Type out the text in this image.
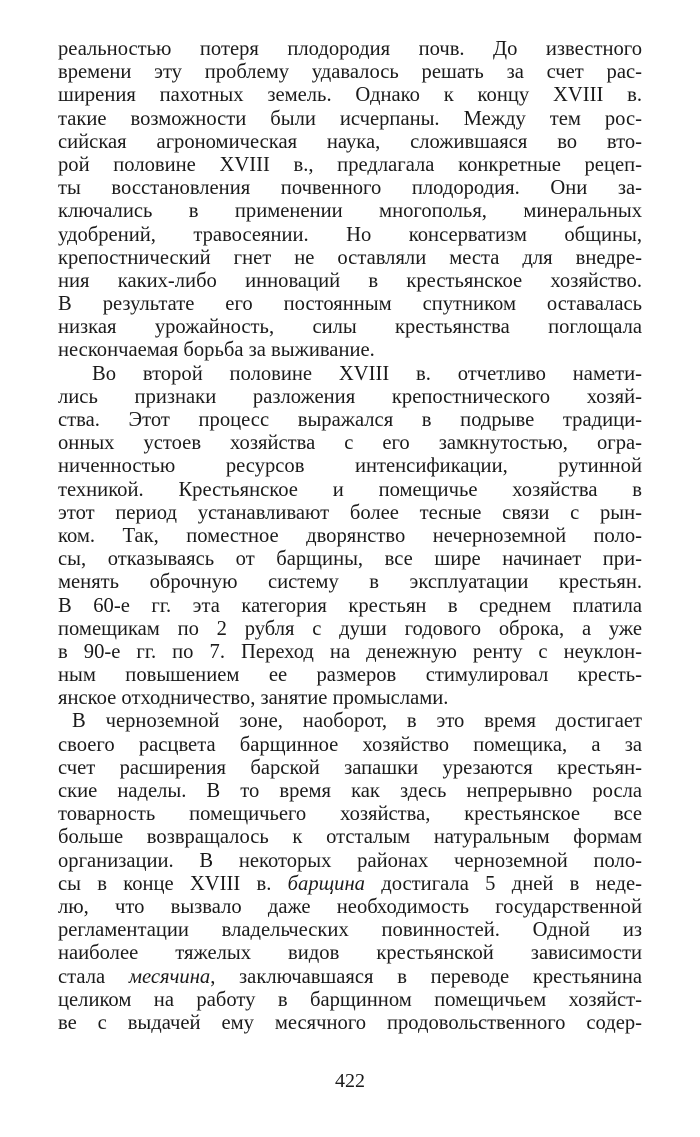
реальностью потеря плодородия почв. До известного
времени эту проблему удавалось решать за счет рас-
ширения пахотных земель. Однако к концу XVIII в.
такие возможности были исчерпаны. Между тем рос-
сийская агрономическая наука, сложившаяся во вто-
рой половине XVIII в., предлагала конкретные рецеп-
ты восстановления почвенного плодородия. Они за-
ключались в применении многополья, минеральных
удобрений, травосеянии. Но консерватизм общины,
крепостнический гнет не оставляли места для внедре-
ния каких-либо инноваций в крестьянское хозяйство.
В результате его постоянным спутником оставалась
низкая урожайность, силы крестьянства поглощала
нескончаемая борьба за выживание.
Во второй половине XVIII в. отчетливо намети-
лись признаки разложения крепостнического хозяй-
ства. Этот процесс выражался в подрыве традици-
онных устоев хозяйства с его замкнутостью, огра-
ниченностью ресурсов интенсификации, рутинной
техникой. Крестьянское и помещичье хозяйства в
этот период устанавливают более тесные связи с рын-
ком. Так, поместное дворянство нечерноземной поло-
сы, отказываясь от барщины, все шире начинает при-
менять оброчную систему в эксплуатации крестьян.
В 60-е гг. эта категория крестьян в среднем платила
помещикам по 2 рубля с души годового оброка, а уже
в 90-е гг. по 7. Переход на денежную ренту с неуклон-
ным повышением ее размеров стимулировал кресть-
янское отходничество, занятие промыслами.
В черноземной зоне, наоборот, в это время достигает
своего расцвета барщинное хозяйство помещика, а за
счет расширения барской запашки урезаются крестьян-
ские наделы. В то время как здесь непрерывно росла
товарность помещичьего хозяйства, крестьянское все
больше возвращалось к отсталым натуральным формам
организации. В некоторых районах черноземной поло-
сы в конце XVIII в. барщина достигала 5 дней в неде-
лю, что вызвало даже необходимость государственной
регламентации владельческих повинностей. Одной из
наиболее тяжелых видов крестьянской зависимости
стала месячина, заключавшаяся в переводе крестьянина
целиком на работу в барщинном помещичьем хозяйст-
ве с выдачей ему месячного продовольственного содер-
422
